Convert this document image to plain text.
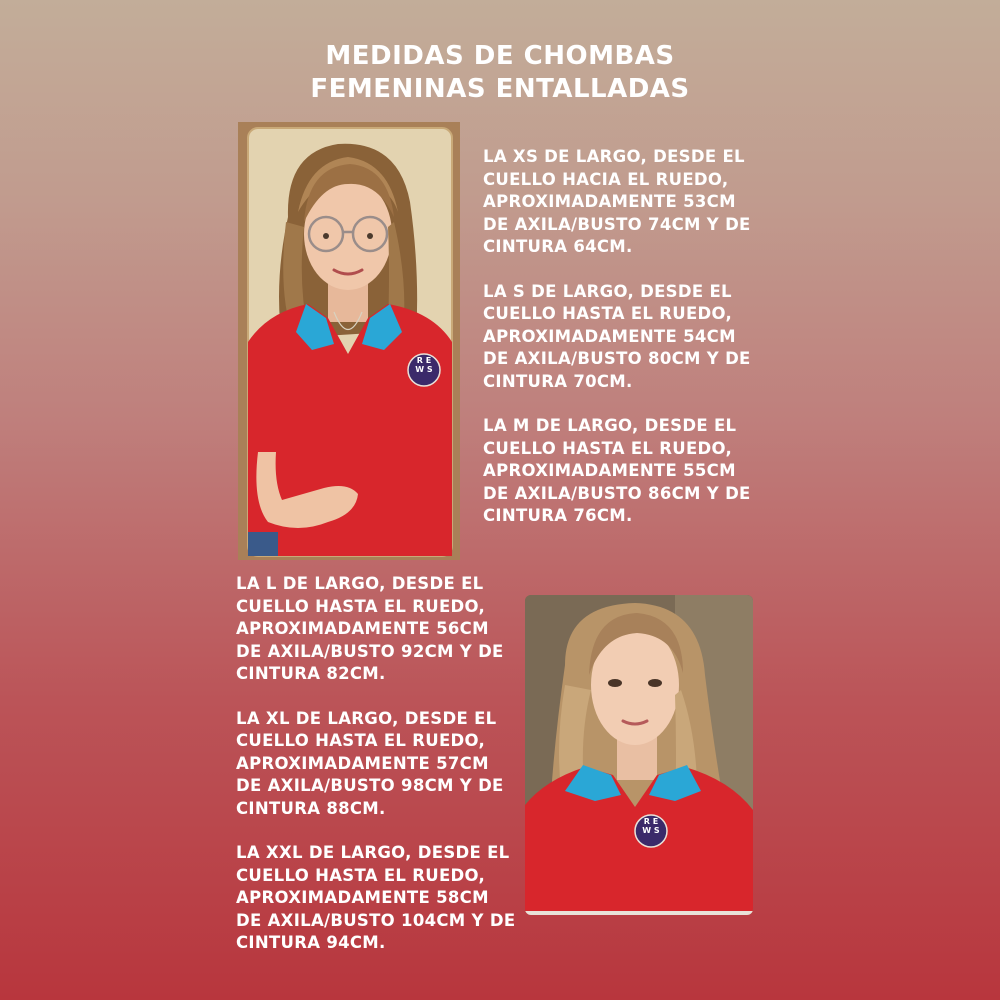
MEDIDAS DE CHOMBAS
FEMENINAS ENTALLADAS
R E
W S

LA XS DE LARGO, DESDE EL
CUELLO HACIA EL RUEDO,
APROXIMADAMENTE 53CM
DE AXILA/BUSTO 74CM Y DE
CINTURA 64CM.

LA S DE LARGO, DESDE EL
CUELLO HASTA EL RUEDO,
APROXIMADAMENTE 54CM
DE AXILA/BUSTO 80CM Y DE
CINTURA 70CM.

LA M DE LARGO, DESDE EL
CUELLO HASTA EL RUEDO,
APROXIMADAMENTE 55CM
DE AXILA/BUSTO 86CM Y DE
CINTURA 76CM.

LA L DE LARGO, DESDE EL
CUELLO HASTA EL RUEDO,
APROXIMADAMENTE 56CM
DE AXILA/BUSTO 92CM Y DE
CINTURA 82CM.

LA XL DE LARGO, DESDE EL
CUELLO HASTA EL RUEDO,
APROXIMADAMENTE 57CM
DE AXILA/BUSTO 98CM Y DE
CINTURA 88CM.

LA XXL DE LARGO, DESDE EL
CUELLO HASTA EL RUEDO,
APROXIMADAMENTE 58CM
DE AXILA/BUSTO 104CM Y DE
CINTURA 94CM.

R E
W S
